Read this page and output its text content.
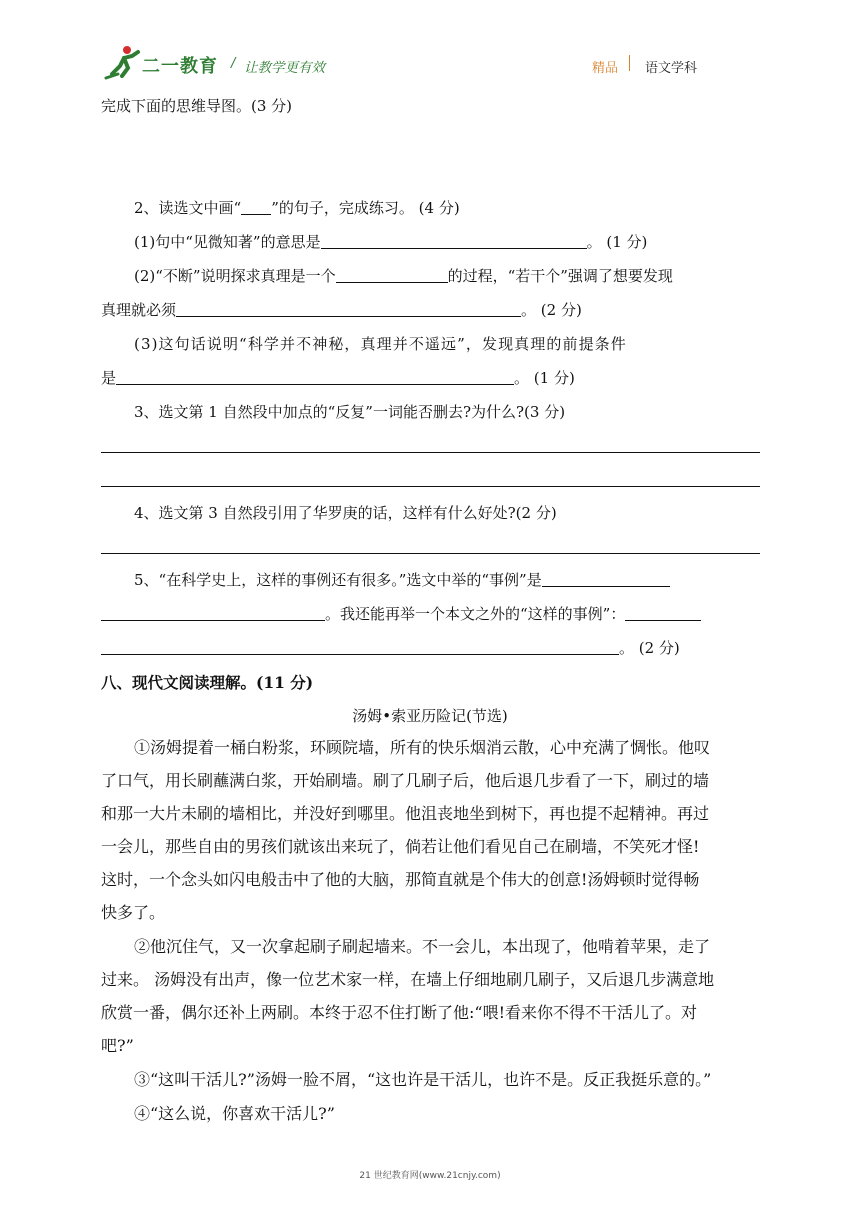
二一教育 / 让教学更有效	精品 语文学科
完成下面的思维导图。(3 分)
2、读选文中画“ ”的句子，完成练习。 (4 分)
(1)句中“见微知著”的意思是	。 (1 分)
(2)“不断”说明探求真理是一个	的过程，“若干个”强调了想要发现
真理就必须	。 (2 分)
(3)这句话说明“科学并不神秘，真理并不遥远”，发现真理的前提条件
是	。 (1 分)
3、选文第 1 自然段中加点的“反复”一词能否删去?为什么?(3 分)
4、选文第 3 自然段引用了华罗庚的话，这样有什么好处?(2 分)
5、“在科学史上，这样的事例还有很多。”选文中举的“事例”是
。我还能再举一个本文之外的“这样的事例”：
。 (2 分)
八、现代文阅读理解。(11 分)
汤姆•索亚历险记(节选)
①汤姆提着一桶白粉浆，环顾院墙，所有的快乐烟消云散，心中充满了惆怅。他叹
了口气，用长刷蘸满白浆，开始刷墙。刷了几刷子后，他后退几步看了一下，刷过的墙
和那一大片未刷的墙相比，并没好到哪里。他沮丧地坐到树下，再也提不起精神。再过
一会儿，那些自由的男孩们就该出来玩了，倘若让他们看见自己在刷墙，不笑死才怪!
这时，一个念头如闪电般击中了他的大脑，那简直就是个伟大的创意!汤姆顿时觉得畅
快多了。
②他沉住气，又一次拿起刷子刷起墙来。不一会儿，本出现了，他啃着苹果，走了
过来。 汤姆没有出声，像一位艺术家一样，在墙上仔细地刷几刷子，又后退几步满意地
欣赏一番，偶尔还补上两刷。本终于忍不住打断了他:“喂!看来你不得不干活儿了。对
吧?”
③“这叫干活儿?”汤姆一脸不屑，“这也许是干活儿，也许不是。反正我挺乐意的。”
④“这么说，你喜欢干活儿?”
21 世纪教育网(www.21cnjy.com)
